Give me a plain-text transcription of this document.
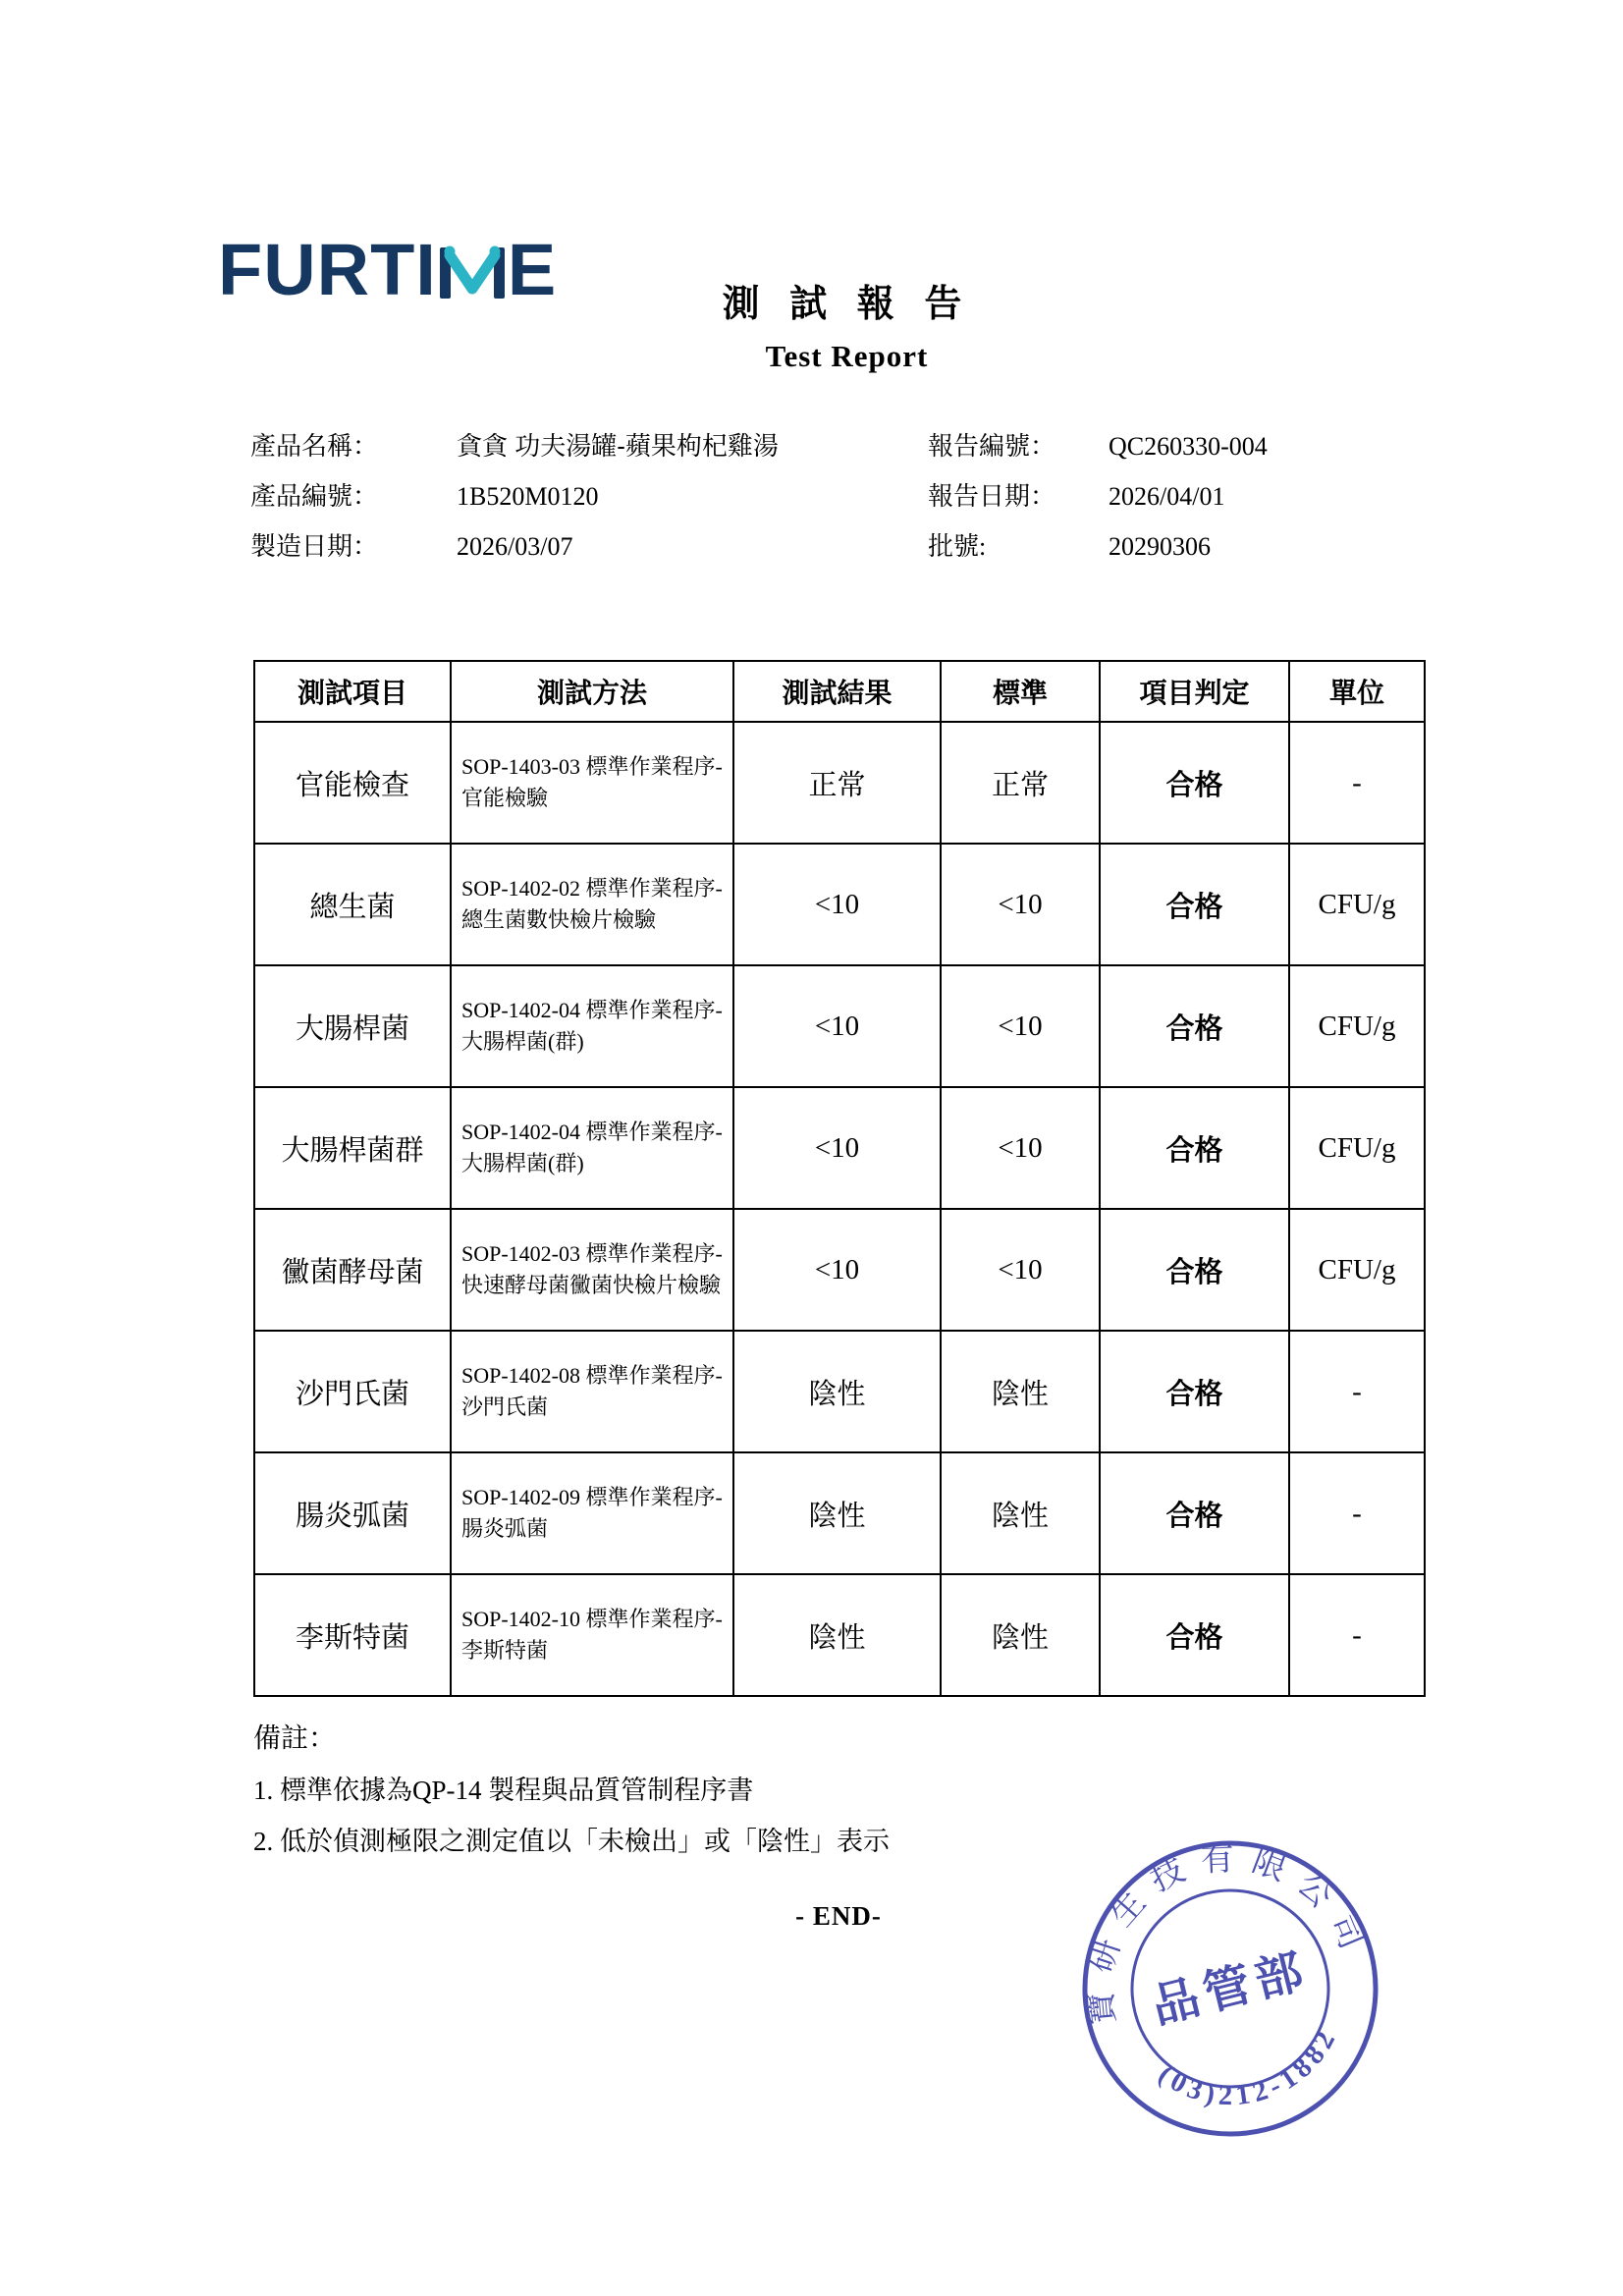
FURTI E	測 試 報 告
Test Report
產品名稱：	貪貪 功夫湯罐-蘋果枸杞雞湯
產品編號：	1B520M0120
製造日期：	2026/03/07
報告編號：	QC260330-004
報告日期：	2026/04/01
批號:	20290306
測試項目	測試方法	測試結果	標準	項目判定	單位
官能檢查	SOP-1403-03 標準作業程序-官能檢驗	正常	正常	合格	-
總生菌	SOP-1402-02 標準作業程序-總生菌數快檢片檢驗	<10	<10	合格	CFU/g
大腸桿菌	SOP-1402-04 標準作業程序-大腸桿菌(群)	<10	<10	合格	CFU/g
大腸桿菌群	SOP-1402-04 標準作業程序-大腸桿菌(群)	<10	<10	合格	CFU/g
黴菌酵母菌	SOP-1402-03 標準作業程序-快速酵母菌黴菌快檢片檢驗	<10	<10	合格	CFU/g
沙門氏菌	SOP-1402-08 標準作業程序-沙門氏菌	陰性	陰性	合格	-
腸炎弧菌	SOP-1402-09 標準作業程序-腸炎弧菌	陰性	陰性	合格	-
李斯特菌	SOP-1402-10 標準作業程序-李斯特菌	陰性	陰性	合格	-
備註：
1. 標準依據為QP-14 製程與品質管制程序書
2. 低於偵測極限之測定值以「未檢出」或「陰性」表示
- END-
寶研生技有限公司
品管部
(03)212-1882
